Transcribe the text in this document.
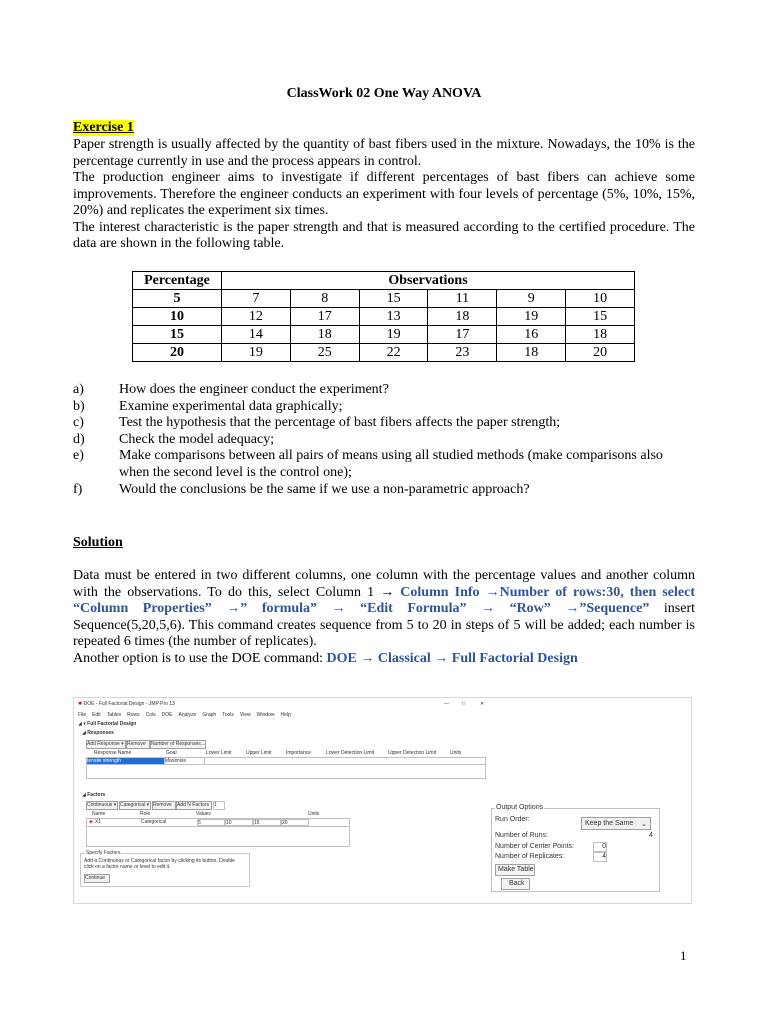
ClassWork 02 One Way ANOVA
Exercise 1

Paper strength is usually affected by the quantity of bast fibers used in the mixture. Nowadays, the 10% is the percentage currently in use and the process appears in control.

The production engineer aims to investigate if different percentages of bast fibers can achieve some improvements. Therefore the engineer conducts an experiment with four levels of percentage (5%, 10%, 15%, 20%) and replicates the experiment six times.

The interest characteristic is the paper strength and that is measured according to the certified procedure. The data are shown in the following table.

Percentage	Observations					
5	7	8	15	11	9	10
10	12	17	13	18	19	15
15	14	18	19	17	16	18
20	19	25	22	23	18	20
a)	How does the engineer conduct the experiment?
b)	Examine experimental data graphically;
c)	Test the hypothesis that the percentage of bast fibers affects the paper strength;
d)	Check the model adequacy;
e)	Make comparisons between all pairs of means using all studied methods (make comparisons also when the second level is the control one);
f)	Would the conclusions be the same if we use a non-parametric approach?
Solution

Data must be entered in two different columns, one column with the percentage values and another column with the observations. To do this, select Column 1 → Column Info →Number of rows:30, then select “Column Properties” →” formula” → “Edit Formula” → “Row” →”Sequence” insert Sequence(5,20,5,6). This command creates sequence from 5 to 20 in steps of 5 will be added; each number is repeated 6 times (the number of replicates).

Another option is to use the DOE command: DOE → Classical → Full Factorial Design

✱ DOE - Full Factorial Design - JMP Pro 13	—	□	✕
File Edit Tables Rows Cols DOE Analyze Graph Tools View Window Help
◢ ▾ Full Factorial Design
◢ Responses
Add Response ▾ Remove	Number of Responses...
Response Name	Goal	Lower Limit	Upper Limit	Importance	Lower Detection Limit	Upper Detection Limit	Units
tensile strength	Maximize
◢ Factors
Continuous ▾ Categorical ▾ Remove	Add N Factors	1
Name	Role	Values	Units
◈ X1	Categorical	5	10	15	20
Specify Factors
Add a Continuous or Categorical factor by clicking its button. Double click on a factor name or level to edit it.
Continue
Output Options
Run Order:
Keep the Same ⌄
Number of Runs:	4
Number of Center Points:	0
Number of Replicates:	4
Make Table
Back
1
